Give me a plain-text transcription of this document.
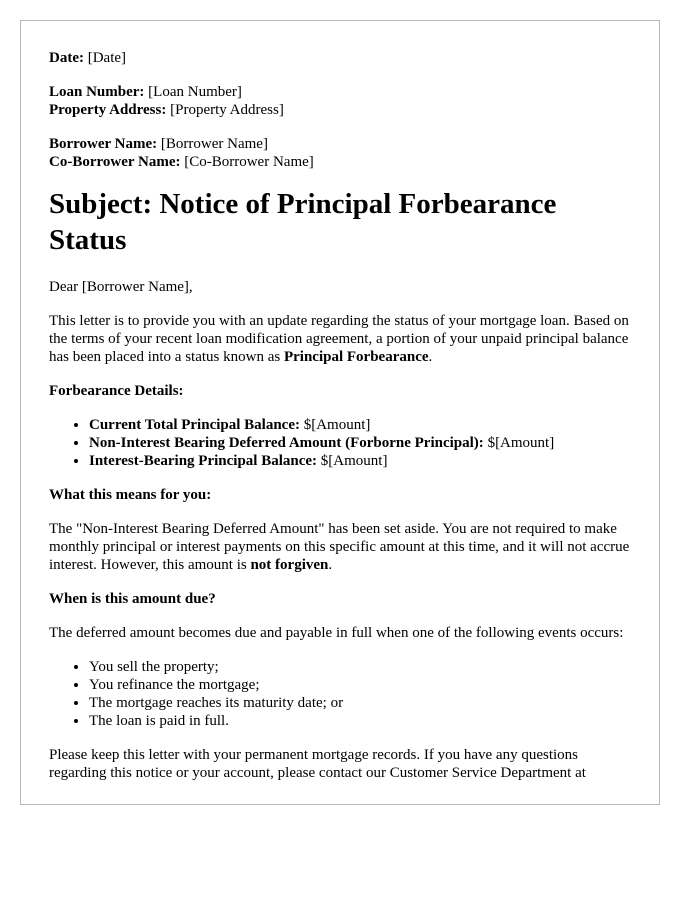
Date: [Date]

Loan Number: [Loan Number]
Property Address: [Property Address]

Borrower Name: [Borrower Name]
Co-Borrower Name: [Co-Borrower Name]

Subject: Notice of Principal Forbearance Status

Dear [Borrower Name],

This letter is to provide you with an update regarding the status of your mortgage loan. Based on the terms of your recent loan modification agreement, a portion of your unpaid principal balance has been placed into a status known as Principal Forbearance.

Forbearance Details:

• Current Total Principal Balance: $[Amount]
• Non-Interest Bearing Deferred Amount (Forborne Principal): $[Amount]
• Interest-Bearing Principal Balance: $[Amount]

What this means for you:

The "Non-Interest Bearing Deferred Amount" has been set aside. You are not required to make monthly principal or interest payments on this specific amount at this time, and it will not accrue interest. However, this amount is not forgiven.

When is this amount due?

The deferred amount becomes due and payable in full when one of the following events occurs:

• You sell the property;
• You refinance the mortgage;
• The mortgage reaches its maturity date; or
• The loan is paid in full.

Please keep this letter with your permanent mortgage records. If you have any questions regarding this notice or your account, please contact our Customer Service Department at
